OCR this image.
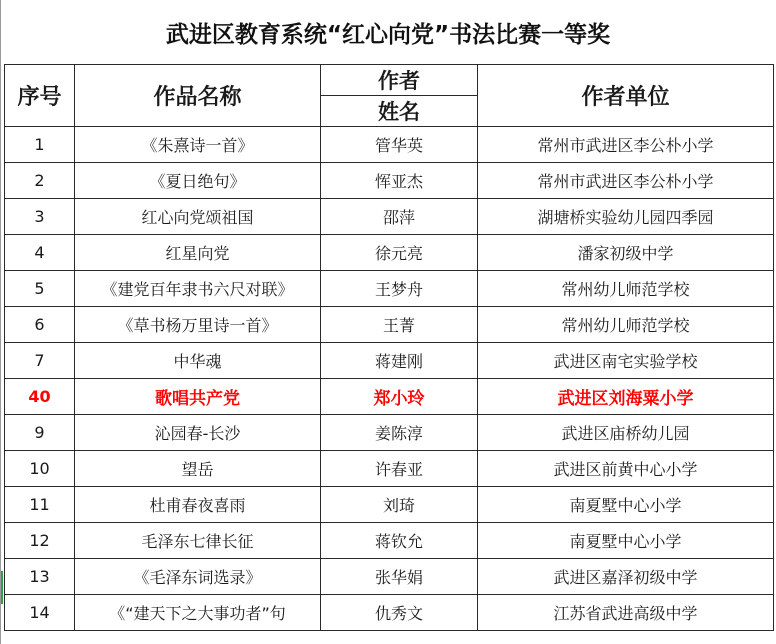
武进区教育系统“红心向党”书法比赛一等奖
序号	作品名称	作者	作者单位
		姓名	
1	《朱熹诗一首》	管华英	常州市武进区李公朴小学
2	《夏日绝句》	恽亚杰	常州市武进区李公朴小学
3	红心向党颂祖国	邵萍	湖塘桥实验幼儿园四季园
4	红星向党	徐元亮	潘家初级中学
5	《建党百年隶书六尺对联》	王梦舟	常州幼儿师范学校
6	《草书杨万里诗一首》	王菁	常州幼儿师范学校
7	中华魂	蒋建刚	武进区南宅实验学校
40	歌唱共产党	郑小玲	武进区刘海粟小学
9	沁园春-长沙	姜陈淳	武进区庙桥幼儿园
10	望岳	许春亚	武进区前黄中心小学
11	杜甫春夜喜雨	刘琦	南夏墅中心小学
12	毛泽东七律长征	蒋钦允	南夏墅中心小学
13	《毛泽东词选录》	张华娟	武进区嘉泽初级中学
14	《“建天下之大事功者”句	仇秀文	江苏省武进高级中学
